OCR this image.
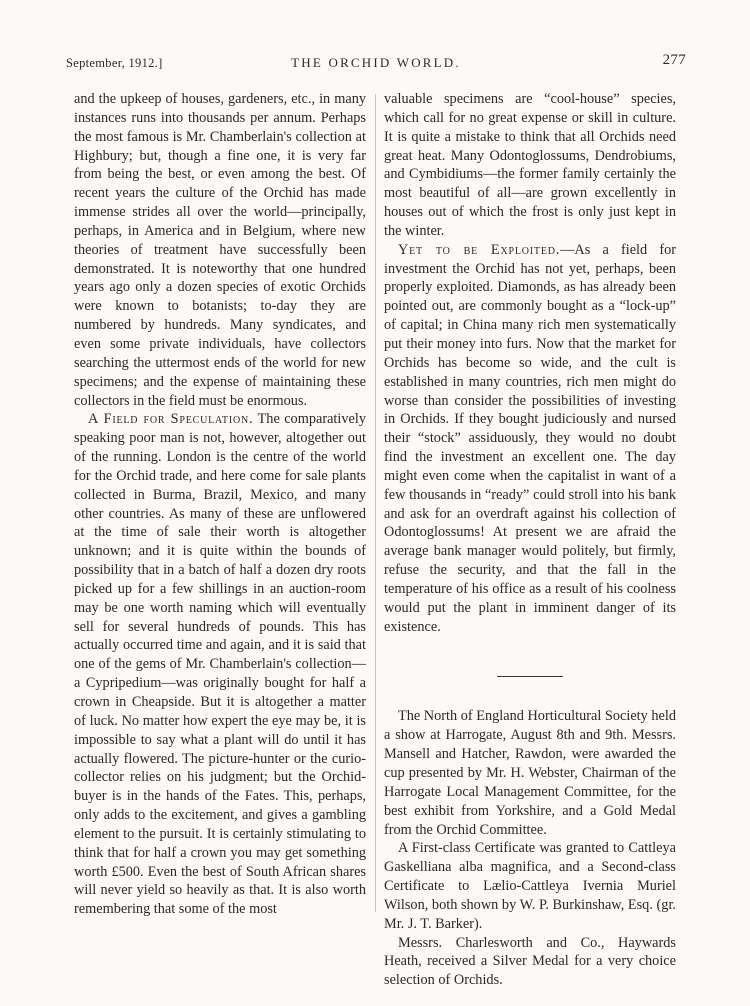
September, 1912.]	THE ORCHID WORLD.	277

and the upkeep of houses, gardeners, etc., in many instances runs into thousands per annum. Perhaps the most famous is Mr. Chamberlain's collection at Highbury; but, though a fine one, it is very far from being the best, or even among the best. Of recent years the culture of the Orchid has made immense strides all over the world—principally, perhaps, in America and in Belgium, where new theories of treatment have successfully been demonstrated. It is noteworthy that one hundred years ago only a dozen species of exotic Orchids were known to botanists; to-day they are numbered by hundreds. Many syndicates, and even some private individuals, have collectors searching the uttermost ends of the world for new specimens; and the expense of maintaining these collectors in the field must be enormous.

A Field for Speculation. The comparatively speaking poor man is not, however, altogether out of the running. London is the centre of the world for the Orchid trade, and here come for sale plants collected in Burma, Brazil, Mexico, and many other countries. As many of these are unflowered at the time of sale their worth is altogether unknown; and it is quite within the bounds of possibility that in a batch of half a dozen dry roots picked up for a few shillings in an auction-room may be one worth naming which will eventually sell for several hundreds of pounds. This has actually occurred time and again, and it is said that one of the gems of Mr. Chamberlain's collection—a Cypripedium—was originally bought for half a crown in Cheapside. But it is altogether a matter of luck. No matter how expert the eye may be, it is impossible to say what a plant will do until it has actually flowered. The picture-hunter or the curio-collector relies on his judgment; but the Orchid-buyer is in the hands of the Fates. This, perhaps, only adds to the excitement, and gives a gambling element to the pursuit. It is certainly stimulating to think that for half a crown you may get something worth £500. Even the best of South African shares will never yield so heavily as that. It is also worth remembering that some of the most

valuable specimens are “cool-house” species, which call for no great expense or skill in culture. It is quite a mistake to think that all Orchids need great heat. Many Odontoglossums, Dendrobiums, and Cymbidiums—the former family certainly the most beautiful of all—are grown excellently in houses out of which the frost is only just kept in the winter.

Yet to be Exploited.—As a field for investment the Orchid has not yet, perhaps, been properly exploited. Diamonds, as has already been pointed out, are commonly bought as a “lock-up” of capital; in China many rich men systematically put their money into furs. Now that the market for Orchids has become so wide, and the cult is established in many countries, rich men might do worse than consider the possibilities of investing in Orchids. If they bought judiciously and nursed their “stock” assiduously, they would no doubt find the investment an excellent one. The day might even come when the capitalist in want of a few thousands in “ready” could stroll into his bank and ask for an overdraft against his collection of Odontoglossums! At present we are afraid the average bank manager would politely, but firmly, refuse the security, and that the fall in the temperature of his office as a result of his coolness would put the plant in imminent danger of its existence.

The North of England Horticultural Society held a show at Harrogate, August 8th and 9th. Messrs. Mansell and Hatcher, Rawdon, were awarded the cup presented by Mr. H. Webster, Chairman of the Harrogate Local Management Committee, for the best exhibit from Yorkshire, and a Gold Medal from the Orchid Committee.

A First-class Certificate was granted to Cattleya Gaskelliana alba magnifica, and a Second-class Certificate to Lælio-Cattleya Ivernia Muriel Wilson, both shown by W. P. Burkinshaw, Esq. (gr. Mr. J. T. Barker).

Messrs. Charlesworth and Co., Haywards Heath, received a Silver Medal for a very choice selection of Orchids.
